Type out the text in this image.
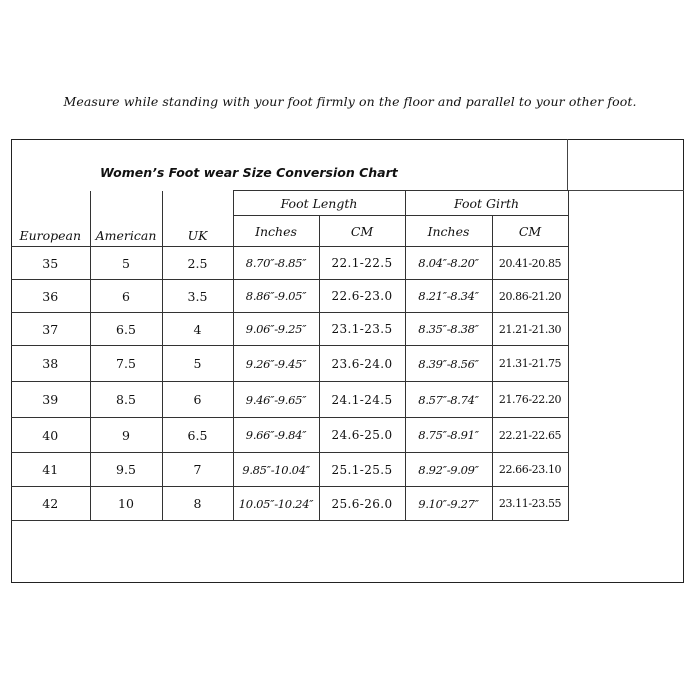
Measure while standing with your foot firmly on the floor and parallel to your other foot.
Women’s Foot wear Size Conversion Chart
European	American	UK	Foot Length		Foot Girth	
			Inches	CM	Inches	CM
35	5	2.5	8.70″-8.85″	22.1-22.5	8.04″-8.20″	20.41-20.85
36	6	3.5	8.86″-9.05″	22.6-23.0	8.21″-8.34″	20.86-21.20
37	6.5	4	9.06″-9.25″	23.1-23.5	8.35″-8.38″	21.21-21.30
38	7.5	5	9.26″-9.45″	23.6-24.0	8.39″-8.56″	21.31-21.75
39	8.5	6	9.46″-9.65″	24.1-24.5	8.57″-8.74″	21.76-22.20
40	9	6.5	9.66″-9.84″	24.6-25.0	8.75″-8.91″	22.21-22.65
41	9.5	7	9.85″-10.04″	25.1-25.5	8.92″-9.09″	22.66-23.10
42	10	8	10.05″-10.24″	25.6-26.0	9.10″-9.27″	23.11-23.55
